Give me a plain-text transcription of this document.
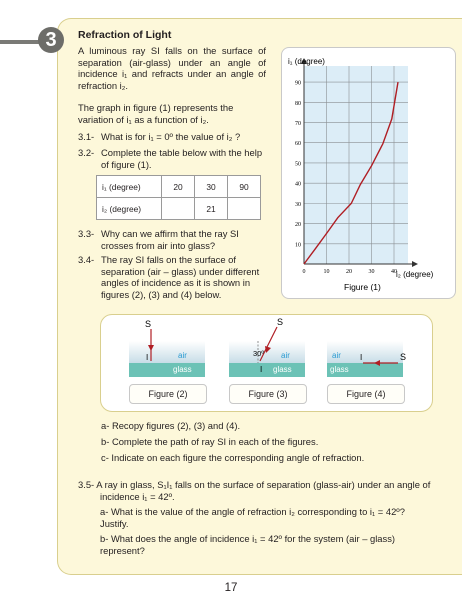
3	Refraction of Light
A luminous ray SI falls on the surface of separation (air-glass) under an angle of incidence i₁ and refracts under an angle of refraction i₂.
The graph in figure (1) represents the variation of i₁ as a function of i₂.
3.1- What is for i₁ = 0º the value of i₂ ?
3.2- Complete the table below with the help
of figure (1).
i₁ (degree)	20	30	90
i₂ (degree)		21	
3.3- Why can we affirm that the ray SI
crosses from air into glass?
3.4- The ray SI falls on the surface of
separation (air – glass) under different
angles of incidence as it is shown in
figures (2), (3) and (4) below.
90
80
70
60
50
40
30
20
10
0	10	20	30	40
i₁ (degree)
i₂ (degree)
Figure (1)
S
I	air
glass
S
30º
I
air
glass
S
I
air
glass
Figure (2)	Figure (3)	Figure (4)
a- Recopy figures (2), (3) and (4).
b- Complete the path of ray SI in each of the figures.
c- Indicate on each figure the corresponding angle of refraction.
3.5- A ray in glass, S₁I₁ falls on the surface of separation (glass-air) under an angle of
incidence i₁ = 42º.
a- What is the value of the angle of refraction i₂ corresponding to i₁ = 42º?
Justify.
b- What does the angle of incidence i₁ = 42º for the system (air – glass)
represent?
17
